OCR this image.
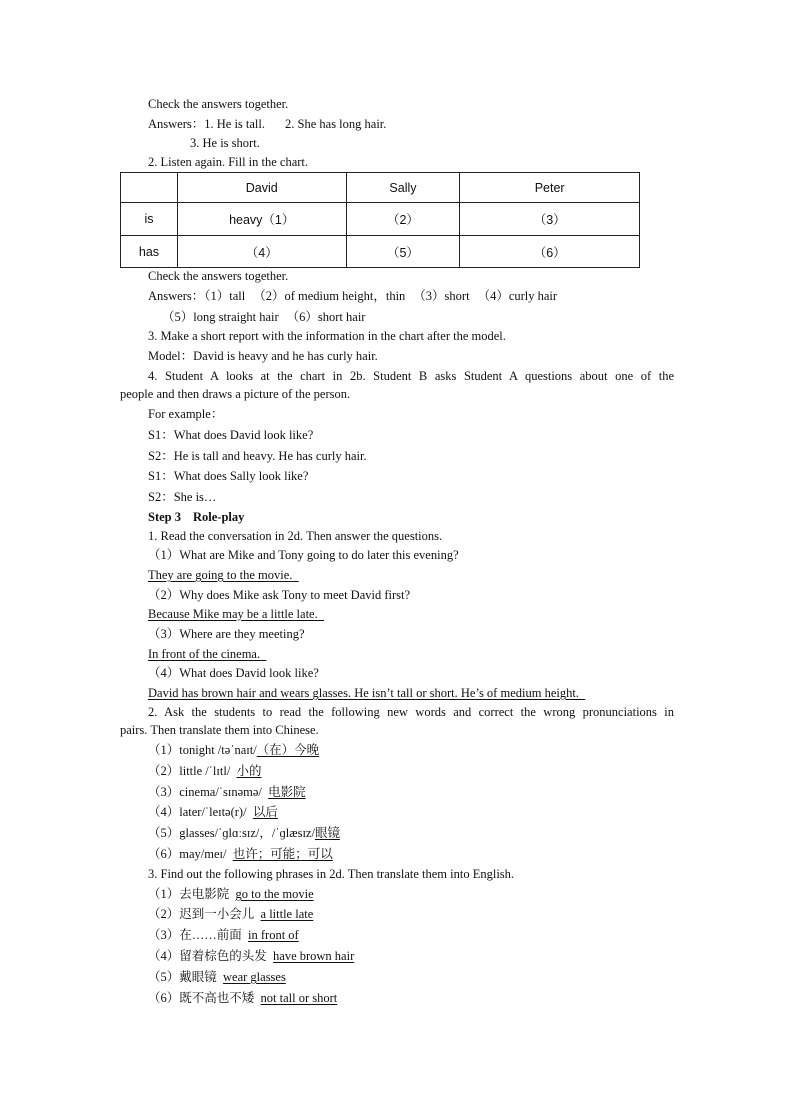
Check the answers together.
Answers：1. He is tall. 2. She has long hair.
3. He is short.
2. Listen again. Fill in the chart.
	David	Sally	Peter
is	heavy（1）	（2）	（3）
has	（4）	（5）	（6）
Check the answers together.
Answers：（1）tall （2）of medium height，thin （3）short （4）curly hair
（5）long straight hair （6）short hair
3. Make a short report with the information in the chart after the model.
Model：David is heavy and he has curly hair.
4. Student A looks at the chart in 2b. Student B asks Student A questions about one of the
people and then draws a picture of the person.
For example：
S1：What does David look like?
S2：He is tall and heavy. He has curly hair.
S1：What does Sally look like?
S2：She is…
Step 3 Role-play
1. Read the conversation in 2d. Then answer the questions.
（1）What are Mike and Tony going to do later this evening?
They are going to the movie.
（2）Why does Mike ask Tony to meet David first?
Because Mike may be a little late.
（3）Where are they meeting?
In front of the cinema.
（4）What does David look like?
David has brown hair and wears glasses. He isn’t tall or short. He’s of medium height.
2. Ask the students to read the following new words and correct the wrong pronunciations in
pairs. Then translate them into Chinese.
（1）tonight /təˈnaɪt/（在）今晚
（2）little /ˈlɪtl/ 小的
（3）cinema/ˈsɪnəmə/ 电影院
（4）later/ˈleɪtə(r)/ 以后
（5）glasses/ˈɡlɑːsɪz/，/ˈɡlæsɪz/眼镜
（6）may/meɪ/ 也许；可能；可以
3. Find out the following phrases in 2d. Then translate them into English.
（1）去电影院 go to the movie
（2）迟到一小会儿 a little late
（3）在……前面 in front of
（4）留着棕色的头发 have brown hair
（5）戴眼镜 wear glasses
（6）既不高也不矮 not tall or short
